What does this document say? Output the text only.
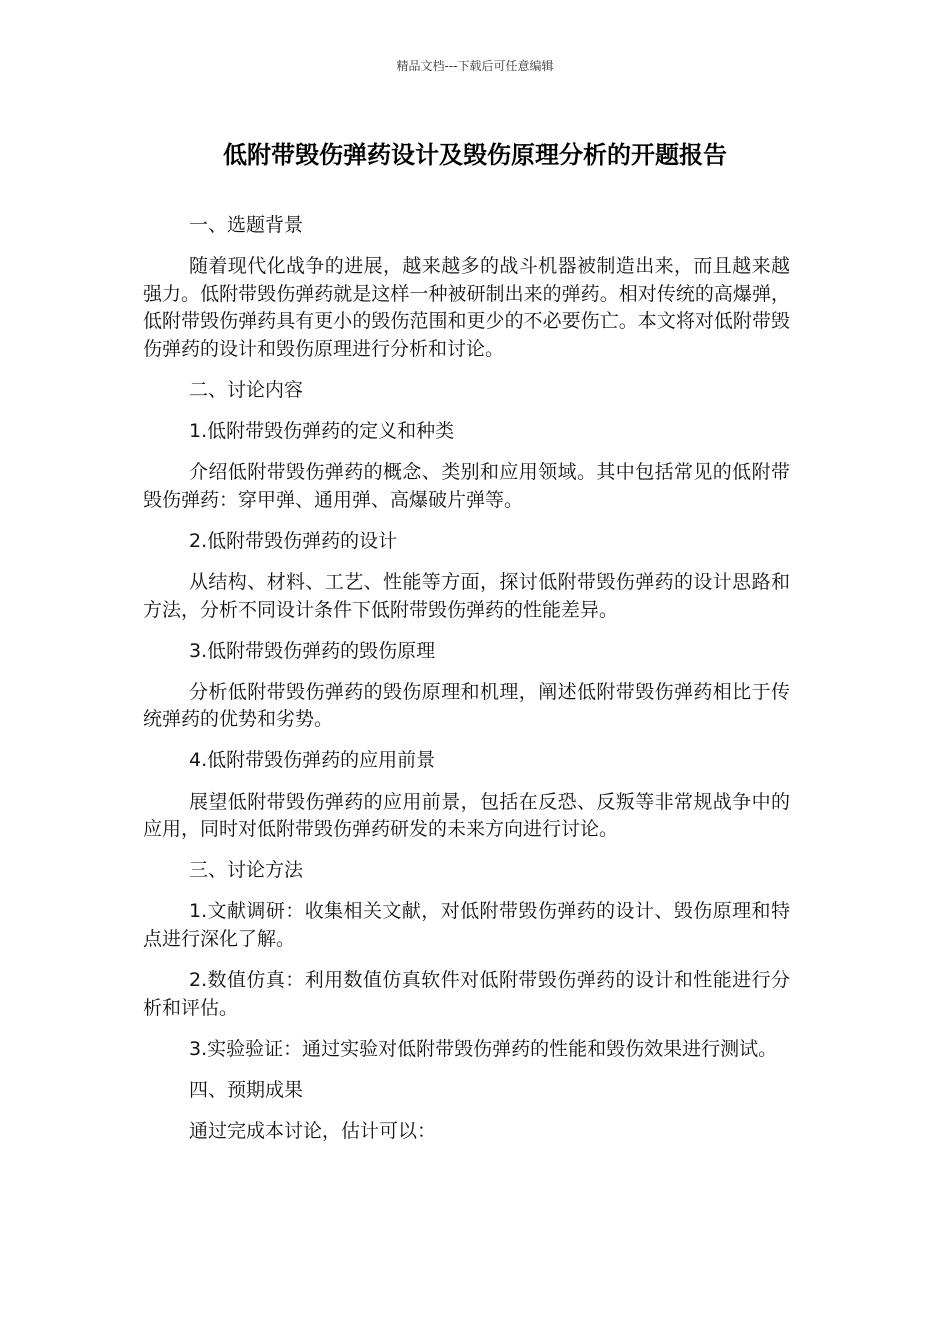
精品文档---下载后可任意编辑
低附带毁伤弹药设计及毁伤原理分析的开题报告

一、选题背景

随着现代化战争的进展，越来越多的战斗机器被制造出来，而且越来越强力。低附带毁伤弹药就是这样一种被研制出来的弹药。相对传统的高爆弹，低附带毁伤弹药具有更小的毁伤范围和更少的不必要伤亡。本文将对低附带毁伤弹药的设计和毁伤原理进行分析和讨论。

二、讨论内容

1.低附带毁伤弹药的定义和种类

介绍低附带毁伤弹药的概念、类别和应用领域。其中包括常见的低附带毁伤弹药：穿甲弹、通用弹、高爆破片弹等。

2.低附带毁伤弹药的设计

从结构、材料、工艺、性能等方面，探讨低附带毁伤弹药的设计思路和方法，分析不同设计条件下低附带毁伤弹药的性能差异。

3.低附带毁伤弹药的毁伤原理

分析低附带毁伤弹药的毁伤原理和机理，阐述低附带毁伤弹药相比于传统弹药的优势和劣势。

4.低附带毁伤弹药的应用前景

展望低附带毁伤弹药的应用前景，包括在反恐、反叛等非常规战争中的应用，同时对低附带毁伤弹药研发的未来方向进行讨论。

三、讨论方法

1.文献调研：收集相关文献，对低附带毁伤弹药的设计、毁伤原理和特点进行深化了解。

2.数值仿真：利用数值仿真软件对低附带毁伤弹药的设计和性能进行分析和评估。

3.实验验证：通过实验对低附带毁伤弹药的性能和毁伤效果进行测试。

四、预期成果

通过完成本讨论，估计可以：
